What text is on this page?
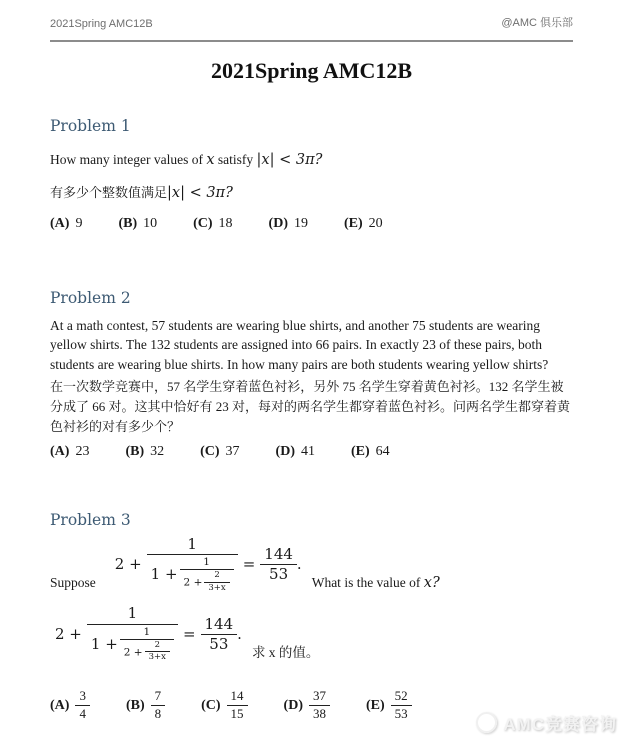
2021Spring AMC12B	@AMC 俱乐部
2021Spring AMC12B
Problem 1

How many integer values of x satisfy |x| < 3π?

有多少个整数值满足|x| < 3π?

(A) 9	(B) 10	(C) 18	(D) 19	(E) 20
Problem 2

At a math contest, 57 students are wearing blue shirts, and another 75 students are wearing yellow shirts. The 132 students are assigned into 66 pairs. In exactly 23 of these pairs, both students are wearing blue shirts. In how many pairs are both students wearing yellow shirts?

在一次数学竞赛中，57 名学生穿着蓝色衬衫，另外 75 名学生穿着黄色衬衫。132 名学生被分成了 66 对。这其中恰好有 23 对，每对的两名学生都穿着蓝色衬衫。问两名学生都穿着黄色衬衫的对有多少个？

(A) 23	(B) 32	(C) 37	(D) 41	(E) 64
Problem 3
Suppose
2 +
1
$1 + \frac{1}{2 + \frac{2}{3+x}} = \frac{144}{53}$ .
What is the value of x?
2 +
1
$1 + \frac{1}{2 + \frac{2}{3+x}} = \frac{144}{53}$ .
求 x 的值。
$(A) \frac{3}{4}$	$(B) \frac{7}{8}$	$(C) \frac{14}{15}$	$(D) \frac{37}{38}$	$(E) \frac{52}{53}$
AMC竞赛咨询
